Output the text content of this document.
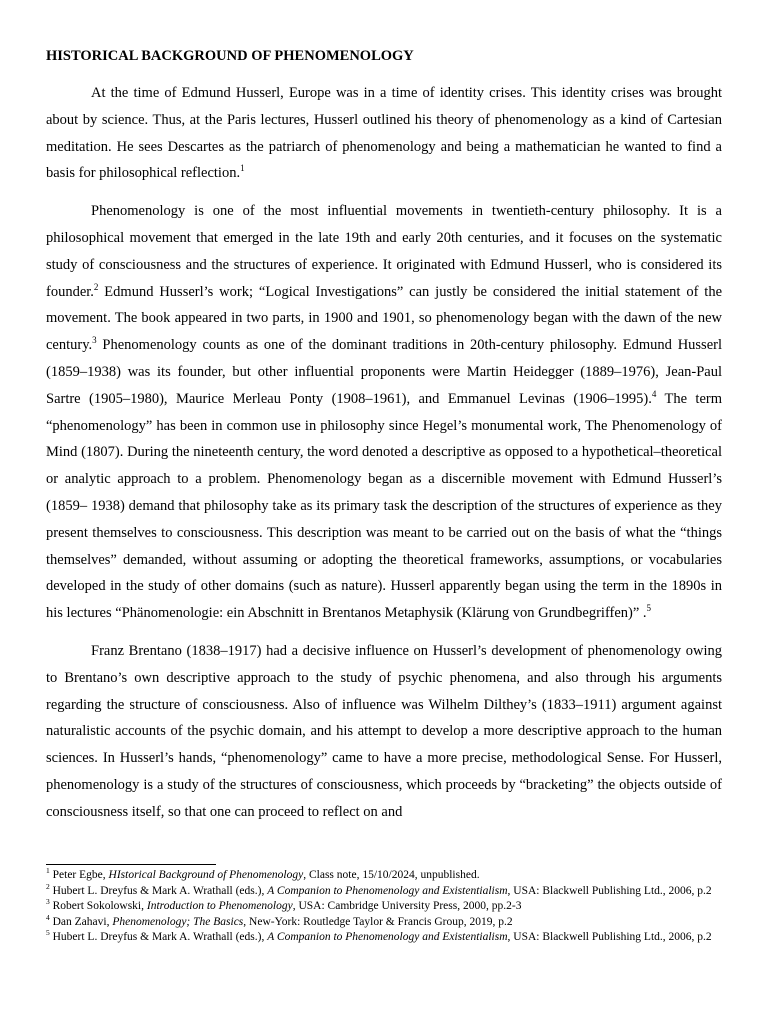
HISTORICAL BACKGROUND OF PHENOMENOLOGY

At the time of Edmund Husserl, Europe was in a time of identity crises. This identity crises was brought about by science. Thus, at the Paris lectures, Husserl outlined his theory of phenomenology as a kind of Cartesian meditation. He sees Descartes as the patriarch of phenomenology and being a mathematician he wanted to find a basis for philosophical reflection.$^1$

Phenomenology is one of the most influential movements in twentieth-century philosophy. It is a philosophical movement that emerged in the late 19th and early 20th centuries, and it focuses on the systematic study of consciousness and the structures of experience. It originated with Edmund Husserl, who is considered its founder.$^2$ Edmund Husserl’s work; “Logical Investigations” can justly be considered the initial statement of the movement. The book appeared in two parts, in 1900 and 1901, so phenomenology began with the dawn of the new century.$^3$ Phenomenology counts as one of the dominant traditions in 20th-century philosophy. Edmund Husserl (1859–1938) was its founder, but other influential proponents were Martin Heidegger (1889–1976), Jean-Paul Sartre (1905–1980), Maurice Merleau Ponty (1908–1961), and Emmanuel Levinas (1906–1995).$^4$ The term “phenomenology” has been in common use in philosophy since Hegel’s monumental work, The Phenomenology of Mind (1807). During the nineteenth century, the word denoted a descriptive as opposed to a hypothetical–theoretical or analytic approach to a problem. Phenomenology began as a discernible movement with Edmund Husserl’s (1859– 1938) demand that philosophy take as its primary task the description of the structures of experience as they present themselves to consciousness. This description was meant to be carried out on the basis of what the “things themselves” demanded, without assuming or adopting the theoretical frameworks, assumptions, or vocabularies developed in the study of other domains (such as nature). Husserl apparently began using the term in the 1890s in his lectures “Phänomenologie: ein Abschnitt in Brentanos Metaphysik (Klärung von Grundbegriffen)” .$^5$

Franz Brentano (1838–1917) had a decisive influence on Husserl’s development of phenomenology owing to Brentano’s own descriptive approach to the study of psychic phenomena, and also through his arguments regarding the structure of consciousness. Also of influence was Wilhelm Dilthey’s (1833–1911) argument against naturalistic accounts of the psychic domain, and his attempt to develop a more descriptive approach to the human sciences. In Husserl’s hands, “phenomenology” came to have a more precise, methodological Sense. For Husserl, phenomenology is a study of the structures of consciousness, which proceeds by “bracketing” the objects outside of consciousness itself, so that one can proceed to reflect on and

$^1$ Peter Egbe, HIstorical Background of Phenomenology, Class note, 15/10/2024, unpublished.

$^2$ Hubert L. Dreyfus & Mark A. Wrathall (eds.), A Companion to Phenomenology and Existentialism, USA: Blackwell Publishing Ltd., 2006, p.2

$^3$ Robert Sokolowski, Introduction to Phenomenology, USA: Cambridge University Press, 2000, pp.2-3

$^4$ Dan Zahavi, Phenomenology; The Basics, New-York: Routledge Taylor & Francis Group, 2019, p.2

$^5$ Hubert L. Dreyfus & Mark A. Wrathall (eds.), A Companion to Phenomenology and Existentialism, USA: Blackwell Publishing Ltd., 2006, p.2
